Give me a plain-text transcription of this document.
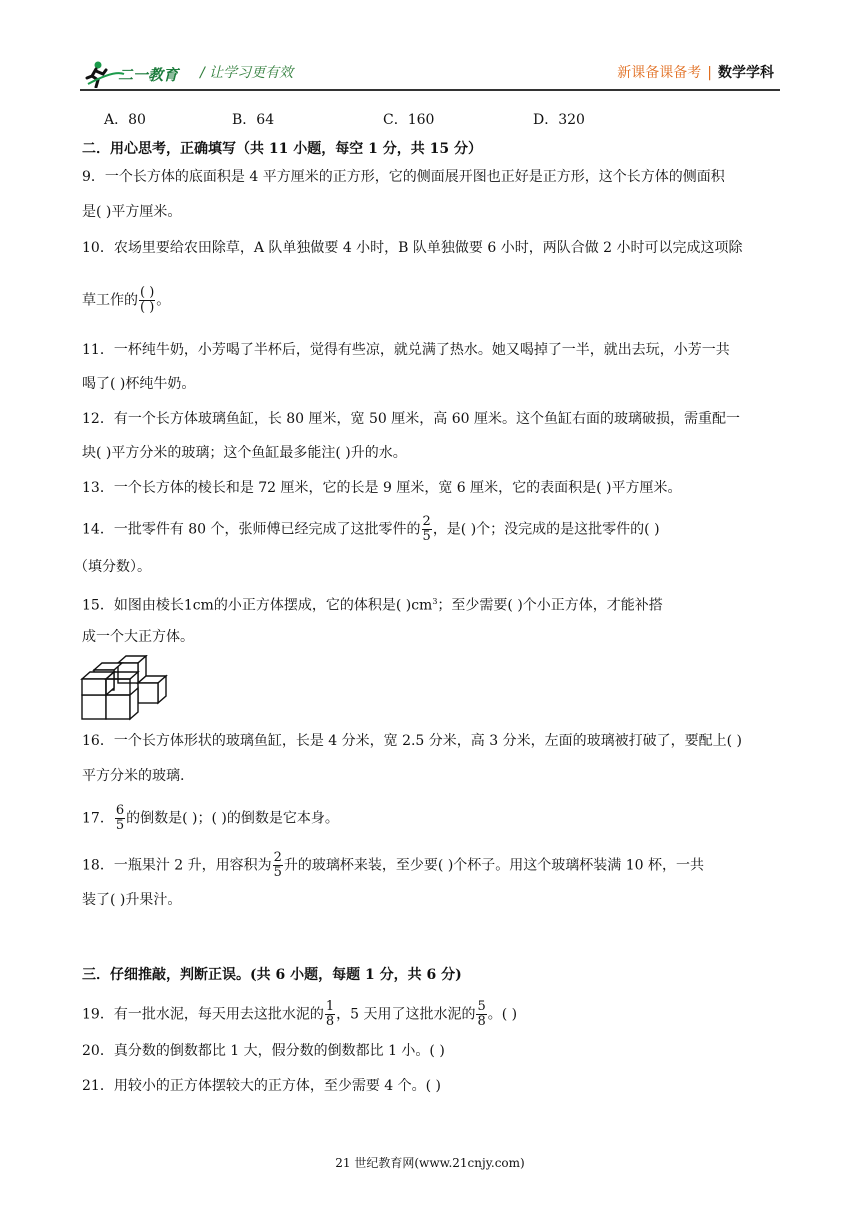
二一教育 / 让学习更有效	新课备课备考 | 数学学科
A．80	B．64	C．160	D．320
二．用心思考，正确填写（共 11 小题，每空 1 分，共 15 分）
9．一个长方体的底面积是 4 平方厘米的正方形，它的侧面展开图也正好是正方形，这个长方体的侧面积
是( )平方厘米。
10．农场里要给农田除草，A 队单独做要 4 小时，B 队单独做要 6 小时，两队合做 2 小时可以完成这项除
草工作的 $\frac{( )}{( )}$ 。
11．一杯纯牛奶，小芳喝了半杯后，觉得有些凉，就兑满了热水。她又喝掉了一半，就出去玩，小芳一共
喝了( )杯纯牛奶。
12．有一个长方体玻璃鱼缸，长 80 厘米，宽 50 厘米，高 60 厘米。这个鱼缸右面的玻璃破损，需重配一
块( )平方分米的玻璃；这个鱼缸最多能注( )升的水。
13．一个长方体的棱长和是 72 厘米，它的长是 9 厘米，宽 6 厘米，它的表面积是( )平方厘米。
14．一批零件有 80 个，张师傅已经完成了这批零件的 $\frac{2}{5}$ ，是( )个；没完成的是这批零件的( )
（填分数）。
15．如图由棱长1cm的小正方体摆成，它的体积是( )$cm^3$；至少需要( )个小正方体，才能补搭
成一个大正方体。
16．一个长方体形状的玻璃鱼缸，长是 4 分米，宽 2.5 分米，高 3 分米，左面的玻璃被打破了，要配上( )
平方分米的玻璃.
17． $\frac{6}{5}$ 的倒数是( )；( )的倒数是它本身。
18．一瓶果汁 2 升，用容积为 $\frac{2}{5}$ 升的玻璃杯来装，至少要( )个杯子。用这个玻璃杯装满 10 杯，一共
装了( )升果汁。
三．仔细推敲，判断正误。(共 6 小题，每题 1 分，共 6 分)
19．有一批水泥，每天用去这批水泥的 $\frac{1}{8}$ ，5 天用了这批水泥的 $\frac{5}{8}$ 。( )
20．真分数的倒数都比 1 大，假分数的倒数都比 1 小。( )
21．用较小的正方体摆较大的正方体，至少需要 4 个。( )
21 世纪教育网(www.21cnjy.com)
